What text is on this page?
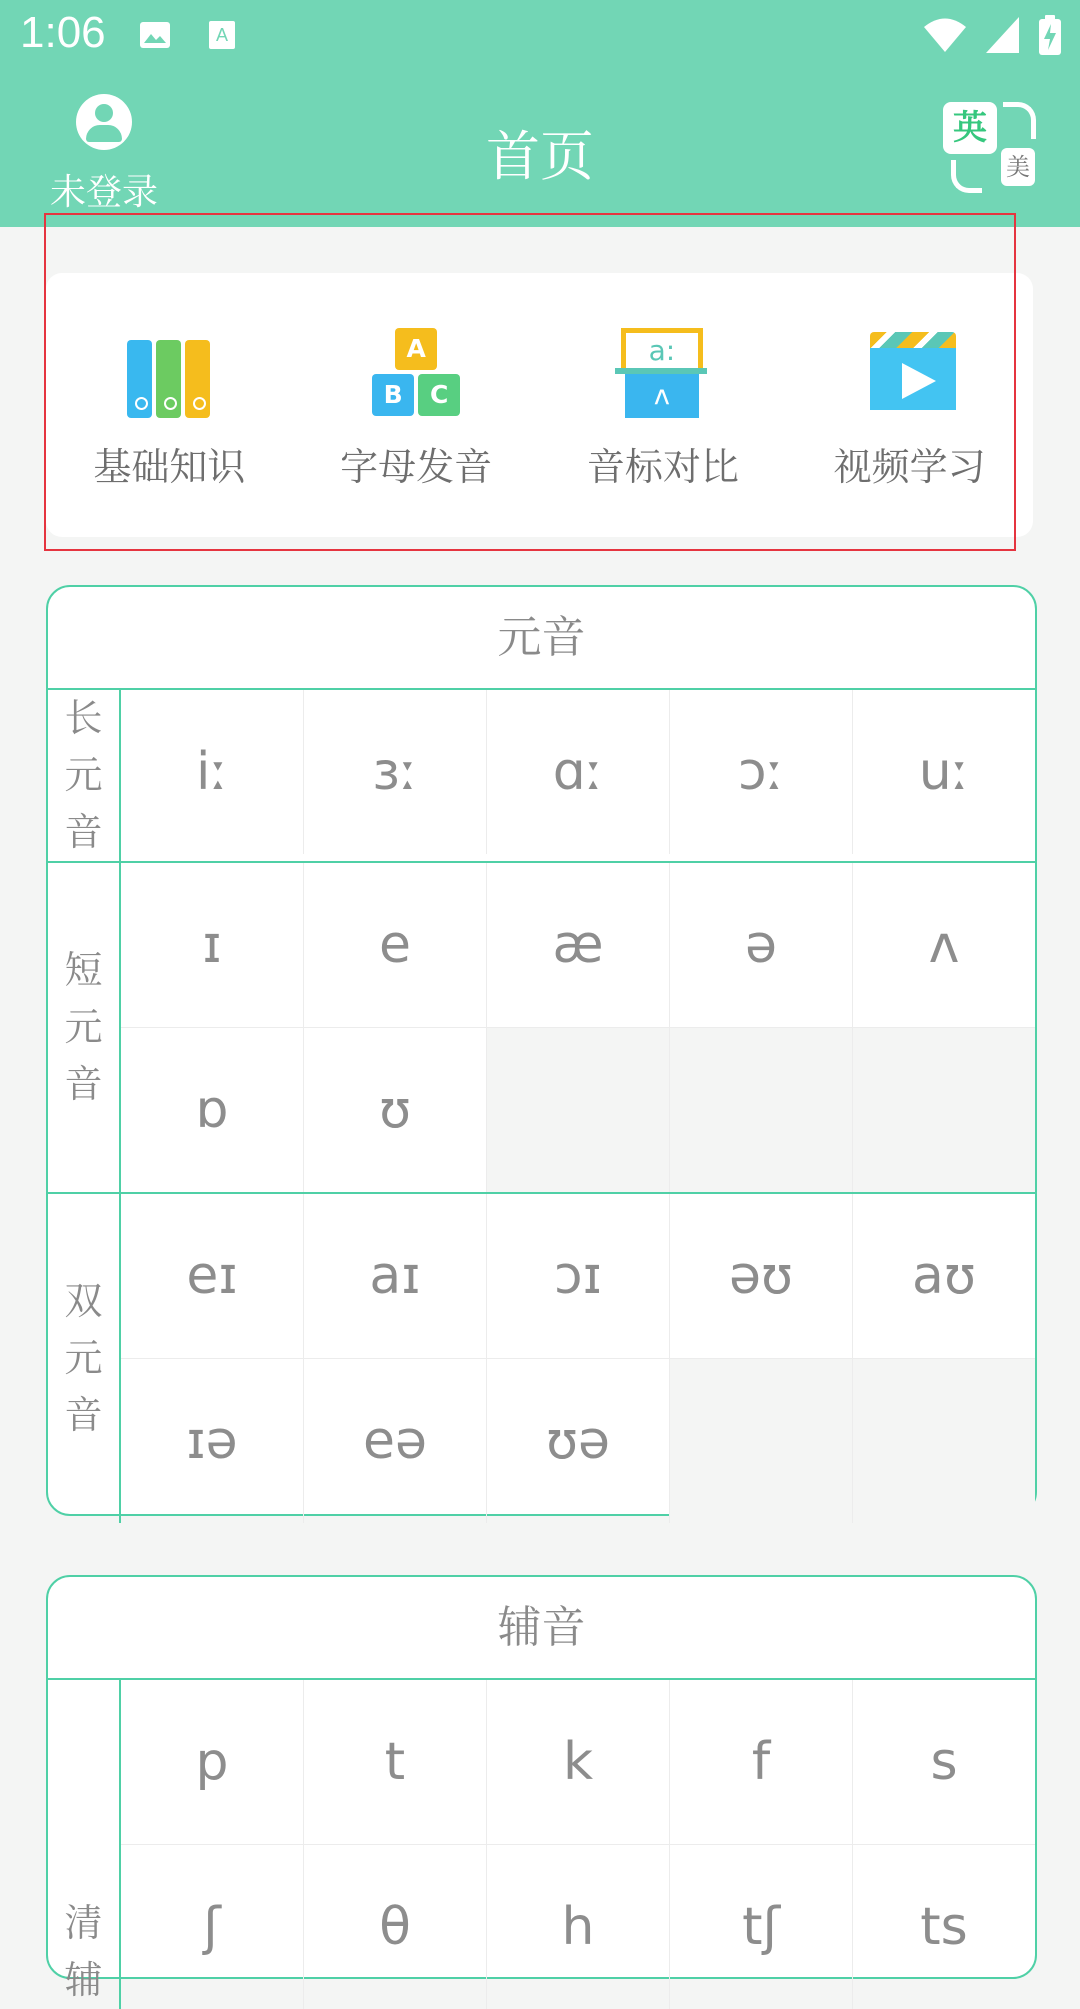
1:06	A
未登录
首页	英
美
基础知识
A
B	C
字母发音
a:
ʌ
音标对比	视频学习
元音
长
元
音
iː	ɜː	ɑː	ɔː	uː
短
元
音
ɪ	e	æ	ə	ʌ
ɒ	ʊ
双
元
音
eɪ	aɪ	ɔɪ	əʊ	aʊ
ɪə	eə	ʊə
辅音
清
辅
p	t	k	f	s
ʃ	θ	h	tʃ	ts
